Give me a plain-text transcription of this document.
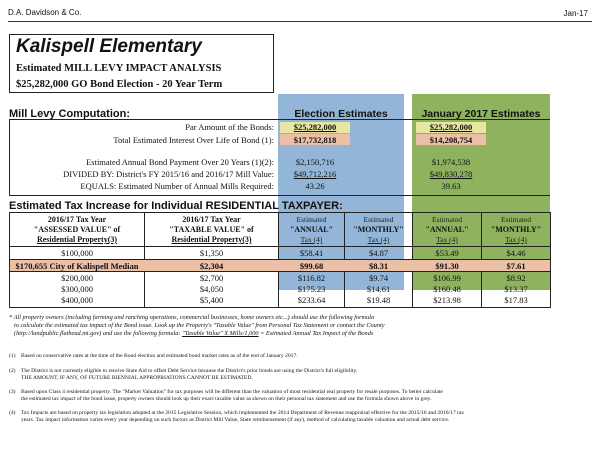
D.A. Davidson & Co.	Jan-17
Kalispell Elementary
Estimated MILL LEVY IMPACT ANALYSIS
$25,282,000 GO Bond Election - 20 Year Term
Mill Levy Computation:	Election Estimates	January 2017 Estimates
Par Amount of the Bonds:	$25,282,000	$25,282,000
Total Estimated Interest Over Life of Bond (1):	$17,732,818	$14,208,754
Estimated Annual Bond Payment Over 20 Years (1)(2):	$2,150,716	$1,974,538
DIVIDED BY: District's FY 2015/16 and 2016/17 Mill Value:	$49,712,216	$49,830,278
EQUALS: Estimated Number of Annual Mills Required:	43.26	39.63
Estimated Tax Increase for Individual RESIDENTIAL TAXPAYER:
2016/17 Tax Year
"ASSESSED VALUE" of
Residential Property(3)
2016/17 Tax Year
"TAXABLE VALUE" of
Residential Property(3)
Estimated
"ANNUAL"
Tax (4)
Estimated
"MONTHLY"
Tax (4)
Estimated
"ANNUAL"
Tax (4)
Estimated
"MONTHLY"
Tax (4)
$100,000	$1,350	$58.41	$4.87	$53.49	$4.46
$170,655 City of Kalispell Median	$2,304	$99.68	$8.31	$91.30	$7.61
$200,000	$2,700	$116.82	$9.74	$106.99	$8.92
$300,000	$4,050	$175.23	$14.61	$160.48	$13.37
$400,000	$5,400	$233.64	$19.48	$213.98	$17.83
* All property owners (including farming and ranching operations, commercial businesses, home owners etc...) should use the following formula
to calculate the estimated tax impact of the Bond issue. Look up the Property's "Taxable Value" from Personal Tax Statement or contact the County
(http://landpublic.flathead.mt.gov) and use the following formula: "Taxable Value" X Mills/1,000 = Estimated Annual Tax Impact of the Bonds
(1) Based on conservative rates at the time of the Bond election and estimated bond market rates as of the end of January 2017.
(2) The District is not currently eligible to receive State Aid to offset Debt Service because the District's prior bonds are using the District's full eligibility.
THE AMOUNT, IF ANY, OF FUTURE BIENNIAL APPROPRIATIONS CANNOT BE ESTIMATED.
(3) Based upon Class 4 residential property. The "Market Valuation" for tax purposes will be different than the valuation of most residential real property for resale purposes. To better calculate
the estimated tax impact of the bond issue, property owners should look up their exact taxable value as shown on their personal tax statement and use the formula shown above in grey.
(4) Tax Impacts are based on property tax legislation adopted at the 2015 Legislative Session, which implemented the 2014 Department of Revenue reappraisal effective for the 2015/16 and 2016/17 tax
years. Tax impact information varies every year depending on such factors as District Mill Value, State reimbursement (if any), method of calculating taxable valuation and actual debt service.
